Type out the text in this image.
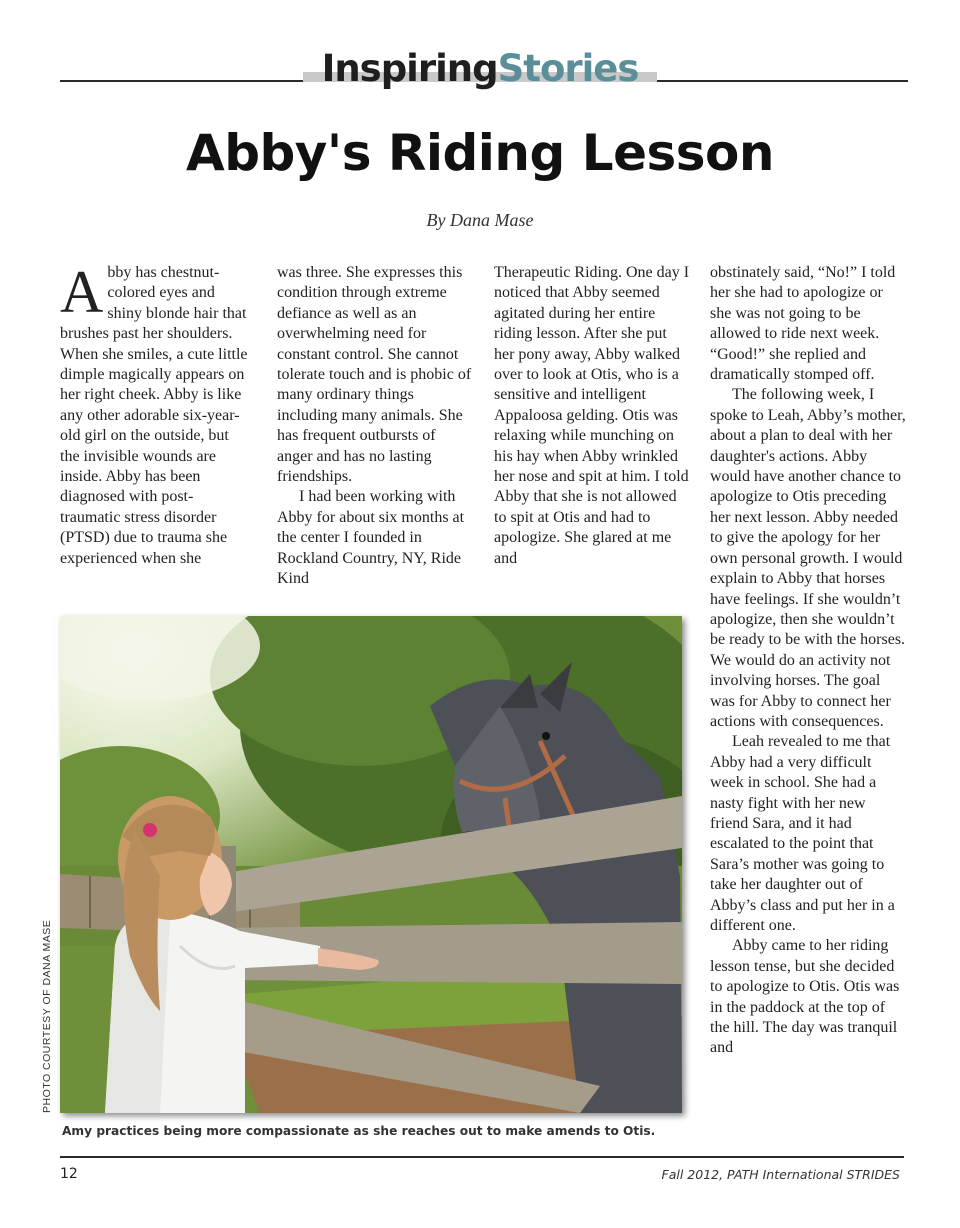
InspiringStories
Abby's Riding Lesson
By Dana Mase

Abby has chestnut-colored eyes and shiny blonde hair that brushes past her shoulders. When she smiles, a cute little dimple magically appears on her right cheek. Abby is like any other adorable six-year-old girl on the outside, but the invisible wounds are inside. Abby has been diagnosed with post-traumatic stress disorder (PTSD) due to trauma she experienced when she

was three. She expresses this condition through extreme defiance as well as an overwhelming need for constant control. She cannot tolerate touch and is phobic of many ordinary things including many animals. She has frequent outbursts of anger and has no lasting friendships.

I had been working with Abby for about six months at the center I founded in Rockland Country, NY, Ride Kind

Therapeutic Riding. One day I noticed that Abby seemed agitated during her entire riding lesson. After she put her pony away, Abby walked over to look at Otis, who is a sensitive and intelligent Appaloosa gelding. Otis was relaxing while munching on his hay when Abby wrinkled her nose and spit at him. I told Abby that she is not allowed to spit at Otis and had to apologize. She glared at me and

obstinately said, “No!” I told her she had to apologize or she was not going to be allowed to ride next week. “Good!” she replied and dramatically stomped off.

The following week, I spoke to Leah, Abby’s mother, about a plan to deal with her daughter's actions. Abby would have another chance to apologize to Otis preceding her next lesson. Abby needed to give the apology for her own personal growth. I would explain to Abby that horses have feelings. If she wouldn’t apologize, then she wouldn’t be ready to be with the horses. We would do an activity not involving horses. The goal was for Abby to connect her actions with consequences.

Leah revealed to me that Abby had a very difficult week in school. She had a nasty fight with her new friend Sara, and it had escalated to the point that Sara’s mother was going to take her daughter out of Abby’s class and put her in a different one.

Abby came to her riding lesson tense, but she decided to apologize to Otis. Otis was in the paddock at the top of the hill. The day was tranquil and

PHOTO COURTESY OF DANA MASE
Amy practices being more compassionate as she reaches out to make amends to Otis.
12	Fall 2012, PATH International STRIDES
